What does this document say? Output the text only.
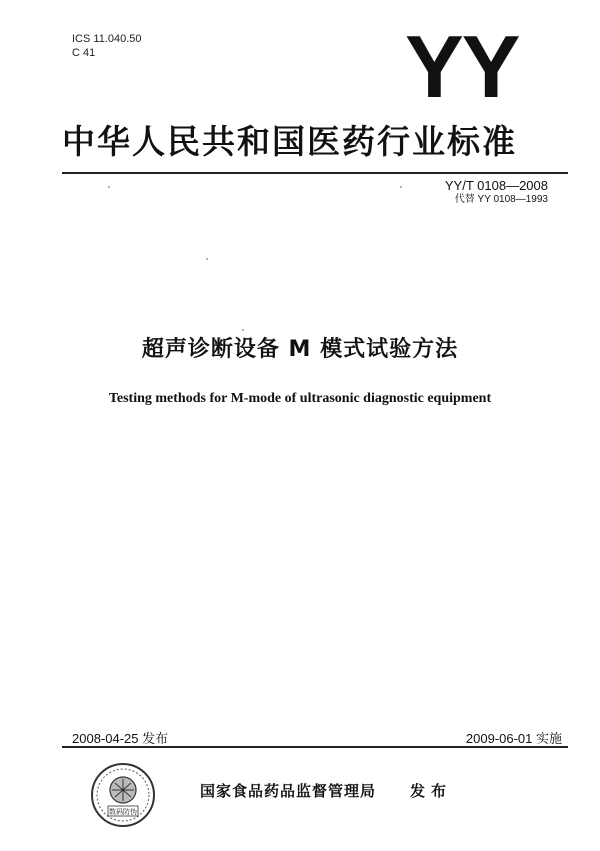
ICS 11.040.50
C 41	YY
中华人民共和国医药行业标准
YY/T 0108—2008
代替 YY 0108—1993
超声诊断设备 M 模式试验方法
Testing methods for M-mode of ultrasonic diagnostic equipment
2008-04-25 发布	2009-06-01 实施
数码防伪
国家食品药品监督管理局 发布
